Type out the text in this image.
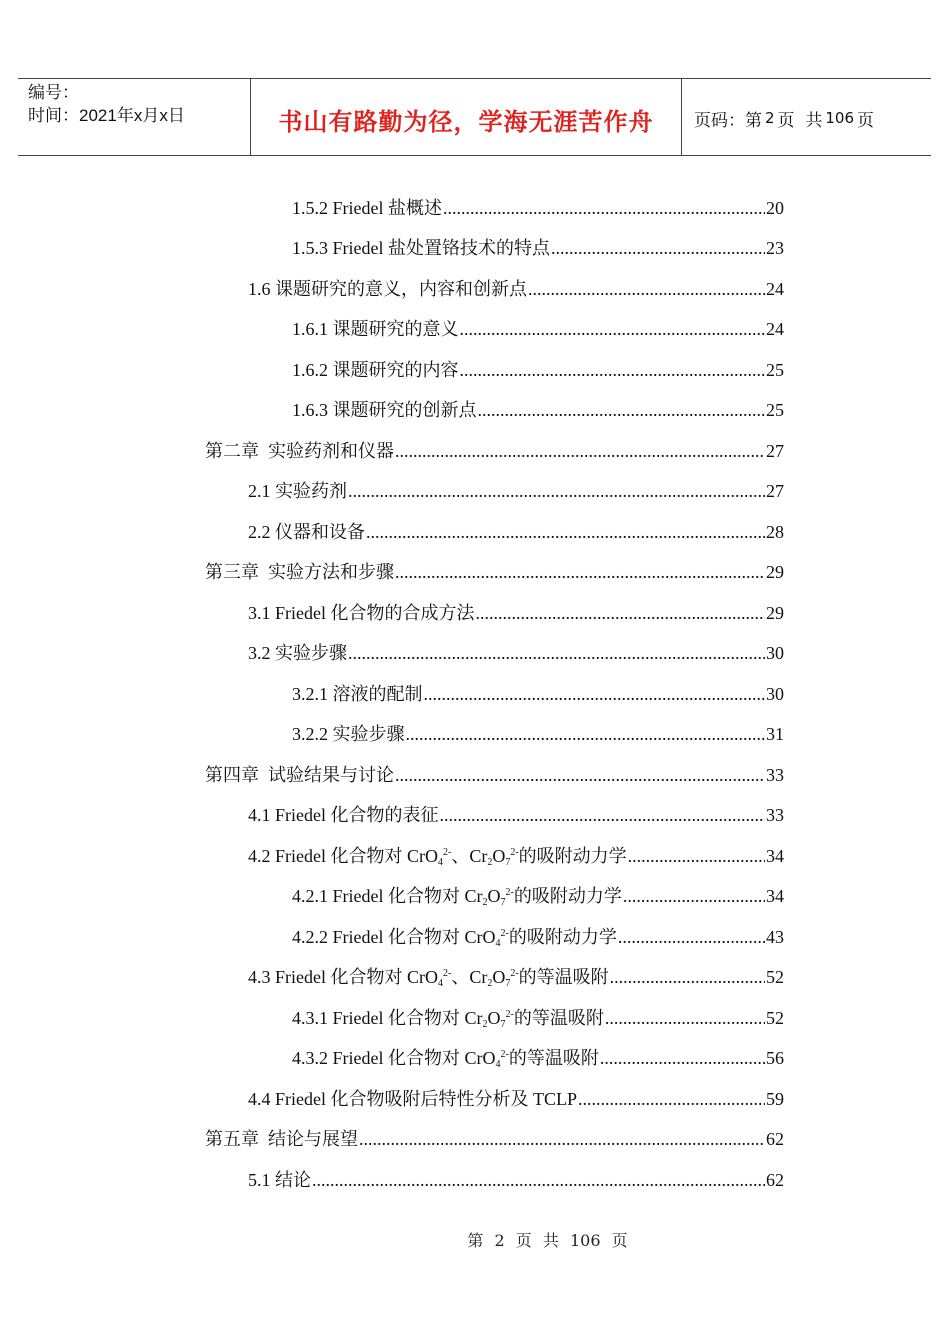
编号：
时间：2021年x月x日	书山有路勤为径，学海无涯苦作舟 页码：第 2 页  共 106 页
1.5.2 Friedel 盐概述 .....	20
1.5.3 Friedel 盐处置铬技术的特点 .....	23
1.6 课题研究的意义，内容和创新点 .....	24
1.6.1 课题研究的意义 .....	24
1.6.2 课题研究的内容 .....	25
1.6.3 课题研究的创新点 .....	25
第二章  实验药剂和仪器 .....	27
2.1 实验药剂 .....	27
2.2 仪器和设备 .....	28
第三章  实验方法和步骤 .....	29
3.1 Friedel 化合物的合成方法 .....	29
3.2 实验步骤 .....	30
3.2.1 溶液的配制 .....	30
3.2.2 实验步骤 .....	31
第四章  试验结果与讨论 .....	33
4.1 Friedel 化合物的表征 .....	33
4.2 Friedel 化合物对 CrO$_4^{2-}$、$Cr_2O_7^{2-}$的吸附动力学 .....	34
4.2.1 Friedel 化合物对 $Cr_2O_7^{2-}$的吸附动力学 .....	34
4.2.2 Friedel 化合物对 CrO$_4^{2-}$的吸附动力学 .....	43
4.3 Friedel 化合物对 CrO$_4^{2-}$、$Cr_2O_7^{2-}$的等温吸附 .....	52
4.3.1 Friedel 化合物对 $Cr_2O_7^{2-}$的等温吸附 .....	52
4.3.2 Friedel 化合物对 CrO$_4^{2-}$的等温吸附 .....	56
4.4 Friedel 化合物吸附后特性分析及 TCLP .....	59
第五章  结论与展望 .....	62
5.1 结论 .....	62
第 2 页 共 106 页
